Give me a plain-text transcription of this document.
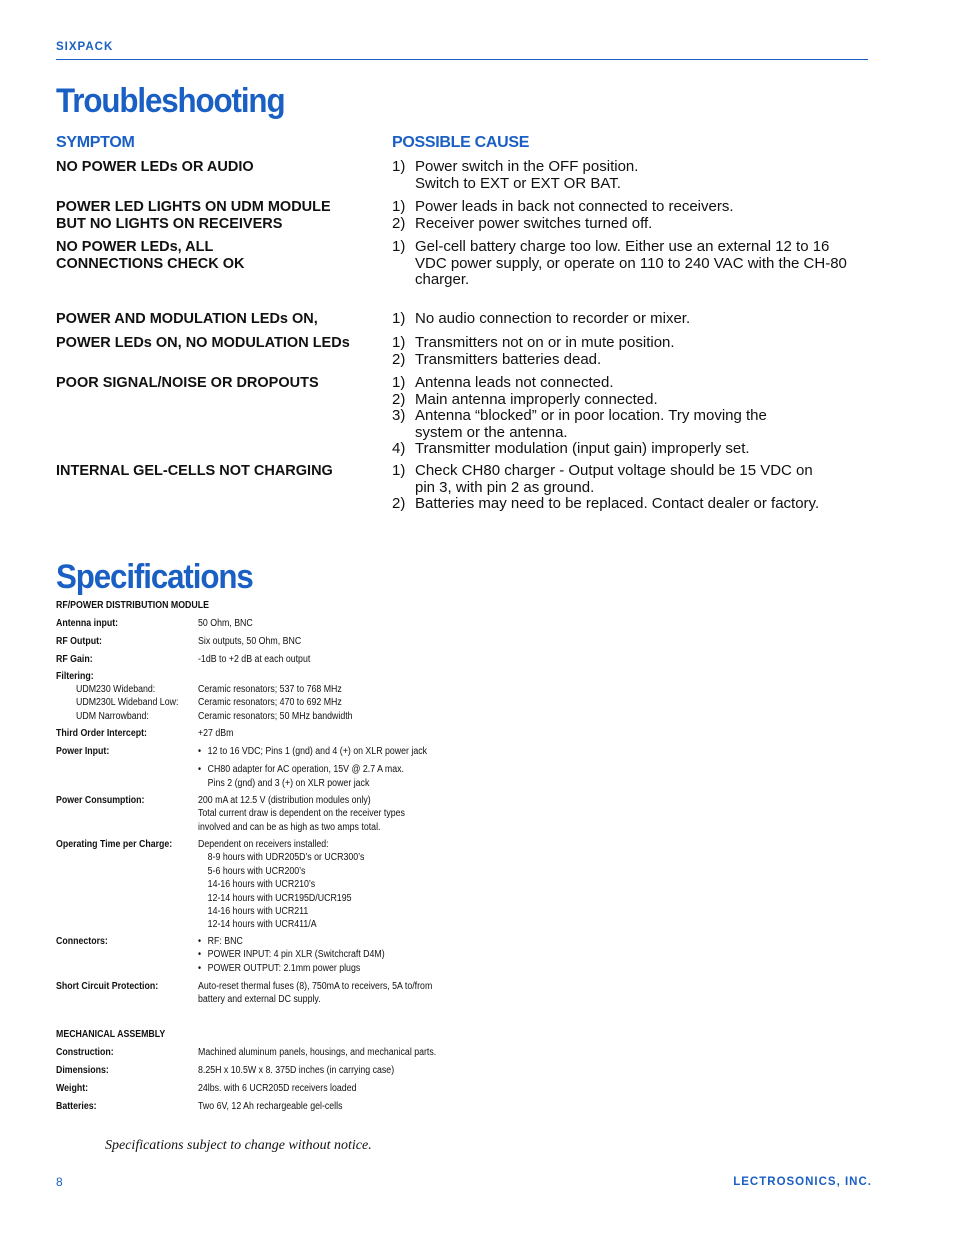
SIXPACK
Troubleshooting
SYMPTOM	POSSIBLE CAUSE
NO POWER LEDs OR AUDIO	1) Power switch in the OFF position.
Switch to EXT or EXT OR BAT.
POWER LED LIGHTS ON UDM MODULE
BUT NO LIGHTS ON RECEIVERS
1) Power leads in back not connected to receivers.
2) Receiver power switches turned off.
NO POWER LEDs, ALL
CONNECTIONS CHECK OK
1) Gel-cell battery charge too low. Either use an external 12 to 16
VDC power supply, or operate on 110 to 240 VAC with the CH-80
charger.
POWER AND MODULATION LEDs ON,	1) No audio connection to recorder or mixer.
POWER LEDs ON, NO MODULATION LEDs	1) Transmitters not on or in mute position.
2) Transmitters batteries dead.
POOR SIGNAL/NOISE OR DROPOUTS	1) Antenna leads not connected.
2) Main antenna improperly connected.
3) Antenna “blocked” or in poor location. Try moving the
system or the antenna.
4) Transmitter modulation (input gain) improperly set.
INTERNAL GEL-CELLS NOT CHARGING	1) Check CH80 charger - Output voltage should be 15 VDC on
pin 3, with pin 2 as ground.
2) Batteries may need to be replaced. Contact dealer or factory.
Specifications
RF/POWER DISTRIBUTION MODULE
Antenna input:	50 Ohm, BNC
RF Output:	Six outputs, 50 Ohm, BNC
RF Gain:	-1dB to +2 dB at each output
Filtering:
UDM230 Wideband:	Ceramic resonators; 537 to 768 MHz
UDM230L Wideband Low: Ceramic resonators; 470 to 692 MHz
UDM Narrowband:	Ceramic resonators; 50 MHz bandwidth
Third Order Intercept:	+27 dBm
Power Input:	• 12 to 16 VDC; Pins 1 (gnd) and 4 (+) on XLR power jack
• CH80 adapter for AC operation, 15V @ 2.7 A max.
Pins 2 (gnd) and 3 (+) on XLR power jack
Power Consumption:	200 mA at 12.5 V (distribution modules only)
Total current draw is dependent on the receiver types
involved and can be as high as two amps total.
Operating Time per Charge:	Dependent on receivers installed:
8-9 hours with UDR205D’s or UCR300’s
5-6 hours with UCR200’s
14-16 hours with UCR210’s
12-14 hours with UCR195D/UCR195
14-16 hours with UCR211
12-14 hours with UCR411/A
Connectors:	• RF: BNC
• POWER INPUT: 4 pin XLR (Switchcraft D4M)
• POWER OUTPUT: 2.1mm power plugs
Short Circuit Protection:	Auto-reset thermal fuses (8), 750mA to receivers, 5A to/from
battery and external DC supply.
MECHANICAL ASSEMBLY
Construction:	Machined aluminum panels, housings, and mechanical parts.
Dimensions:	8.25H x 10.5W x 8. 375D inches (in carrying case)
Weight:	24lbs. with 6 UCR205D receivers loaded
Batteries:	Two 6V, 12 Ah rechargeable gel-cells
Specifications subject to change without notice.
8	LECTROSONICS, INC.
